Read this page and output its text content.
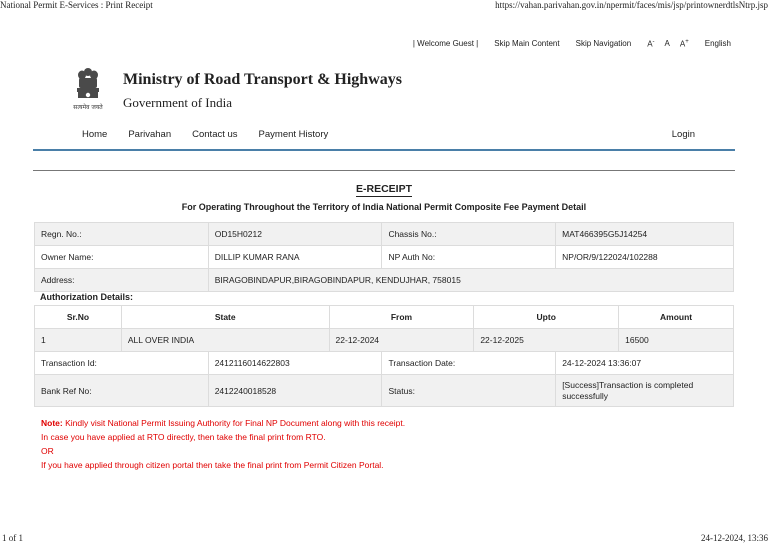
National Permit E-Services : Print Receipt	https://vahan.parivahan.gov.in/npermit/faces/mis/jsp/printownerdtlsNtrp.jsp
| Welcome Guest | Skip Main Content Skip Navigation A- A A+ English
सत्यमेव जयते
Ministry of Road Transport & Highways
Government of India
Home Parivahan Contact us Payment History	Login
E-RECEIPT
For Operating Throughout the Territory of India National Permit Composite Fee Payment Detail
Regn. No.:	OD15H0212	Chassis No.:	MAT466395G5J14254
Owner Name:	DILLIP KUMAR RANA	NP Auth No:	NP/OR/9/122024/102288
Address:	BIRAGOBINDAPUR,BIRAGOBINDAPUR, KENDUJHAR, 758015		
Authorization Details:
Sr.No	State	From	Upto	Amount
1	ALL OVER INDIA	22-12-2024	22-12-2025	16500
Transaction Id:	2412116014622803	Transaction Date:	24-12-2024 13:36:07
Bank Ref No:	2412240018528	Status:	[Success]Transaction is completed successfully
Note: Kindly visit National Permit Issuing Authority for Final NP Document along with this receipt.
In case you have applied at RTO directly, then take the final print from RTO.
OR
If you have applied through citizen portal then take the final print from Permit Citizen Portal.
1 of 1	24-12-2024, 13:36
